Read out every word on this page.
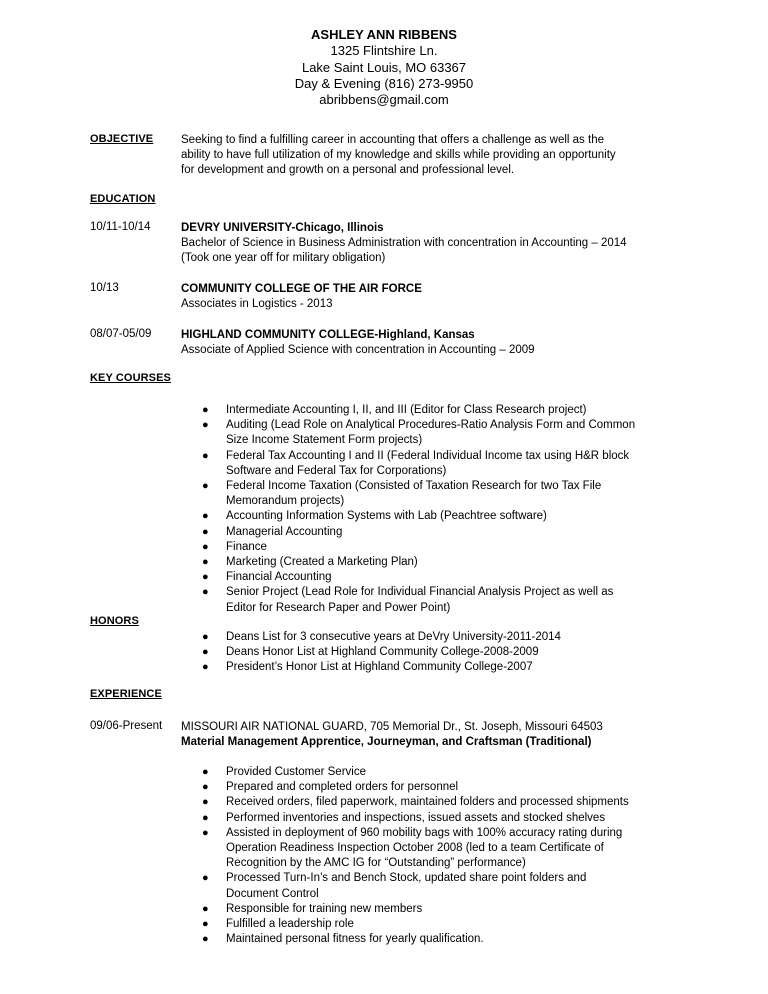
ASHLEY ANN RIBBENS
1325 Flintshire Ln.
Lake Saint Louis, MO 63367
Day & Evening (816) 273-9950
abribbens@gmail.com
OBJECTIVE Seeking to find a fulfilling career in accounting that offers a challenge as well as the
ability to have full utilization of my knowledge and skills while providing an opportunity
for development and growth on a personal and professional level.
EDUCATION
10/11-10/14	DEVRY UNIVERSITY-Chicago, Illinois
Bachelor of Science in Business Administration with concentration in Accounting – 2014
(Took one year off for military obligation)
10/13	COMMUNITY COLLEGE OF THE AIR FORCE
Associates in Logistics - 2013
08/07-05/09	HIGHLAND COMMUNITY COLLEGE-Highland, Kansas
Associate of Applied Science with concentration in Accounting – 2009
KEY COURSES
● Intermediate Accounting I, II, and III (Editor for Class Research project)
● Auditing (Lead Role on Analytical Procedures-Ratio Analysis Form and Common
Size Income Statement Form projects)
● Federal Tax Accounting I and II (Federal Individual Income tax using H&R block
Software and Federal Tax for Corporations)
● Federal Income Taxation (Consisted of Taxation Research for two Tax File
Memorandum projects)
● Accounting Information Systems with Lab (Peachtree software)
● Managerial Accounting
● Finance
● Marketing (Created a Marketing Plan)
● Financial Accounting
● Senior Project (Lead Role for Individual Financial Analysis Project as well as
Editor for Research Paper and Power Point)
HONORS
● Deans List for 3 consecutive years at DeVry University-2011-2014
● Deans Honor List at Highland Community College-2008-2009
● President’s Honor List at Highland Community College-2007
EXPERIENCE
09/06-Present MISSOURI AIR NATIONAL GUARD, 705 Memorial Dr., St. Joseph, Missouri 64503
Material Management Apprentice, Journeyman, and Craftsman (Traditional)
● Provided Customer Service
● Prepared and completed orders for personnel
● Received orders, filed paperwork, maintained folders and processed shipments
● Performed inventories and inspections, issued assets and stocked shelves
● Assisted in deployment of 960 mobility bags with 100% accuracy rating during
Operation Readiness Inspection October 2008 (led to a team Certificate of
Recognition by the AMC IG for “Outstanding” performance)
● Processed Turn-In’s and Bench Stock, updated share point folders and
Document Control
● Responsible for training new members
● Fulfilled a leadership role
● Maintained personal fitness for yearly qualification.
